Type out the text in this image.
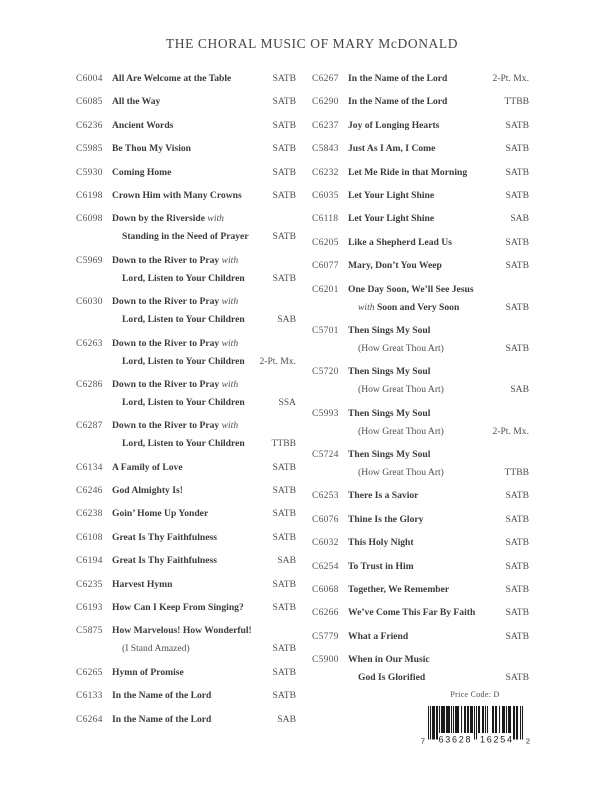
THE CHORAL MUSIC OF MARY McDONALD
C6004 All Are Welcome at the Table	SATB
C6085 All the Way	SATB
C6236 Ancient Words	SATB
C5985 Be Thou My Vision	SATB
C5930 Coming Home	SATB
C6198 Crown Him with Many Crowns	SATB
C6098 Down by the Riverside with
Standing in the Need of Prayer	SATB
C5969 Down to the River to Pray with
Lord, Listen to Your Children	SATB
C6030 Down to the River to Pray with
Lord, Listen to Your Children	SAB
C6263 Down to the River to Pray with
Lord, Listen to Your Children	2-Pt. Mx.
C6286 Down to the River to Pray with
Lord, Listen to Your Children	SSA
C6287 Down to the River to Pray with
Lord, Listen to Your Children	TTBB
C6134 A Family of Love	SATB
C6246 God Almighty Is!	SATB
C6238 Goin’ Home Up Yonder	SATB
C6108 Great Is Thy Faithfulness	SATB
C6194 Great Is Thy Faithfulness	SAB
C6235 Harvest Hymn	SATB
C6193 How Can I Keep From Singing?	SATB
C5875 How Marvelous! How Wonderful!
(I Stand Amazed)	SATB
C6265 Hymn of Promise	SATB
C6133 In the Name of the Lord	SATB
C6264 In the Name of the Lord	SAB
C6267 In the Name of the Lord	2-Pt. Mx.
C6290 In the Name of the Lord	TTBB
C6237 Joy of Longing Hearts	SATB
C5843 Just As I Am, I Come	SATB
C6232 Let Me Ride in that Morning	SATB
C6035 Let Your Light Shine	SATB
C6118	Let Your Light Shine	SAB
C6205 Like a Shepherd Lead Us	SATB
C6077 Mary, Don’t You Weep	SATB
C6201 One Day Soon, We’ll See Jesus
with Soon and Very Soon	SATB
C5701 Then Sings My Soul
(How Great Thou Art)	SATB
C5720 Then Sings My Soul
(How Great Thou Art)	SAB
C5993 Then Sings My Soul
(How Great Thou Art)	2-Pt. Mx.
C5724 Then Sings My Soul
(How Great Thou Art)	TTBB
C6253 There Is a Savior	SATB
C6076 Thine Is the Glory	SATB
C6032 This Holy Night	SATB
C6254 To Trust in Him	SATB
C6068 Together, We Remember	SATB
C6266 We’ve Come This Far By Faith	SATB
C5779 What a Friend	SATB
C5900 When in Our Music
God Is Glorified	SATB
Price Code: D
7 63628 16254 2
